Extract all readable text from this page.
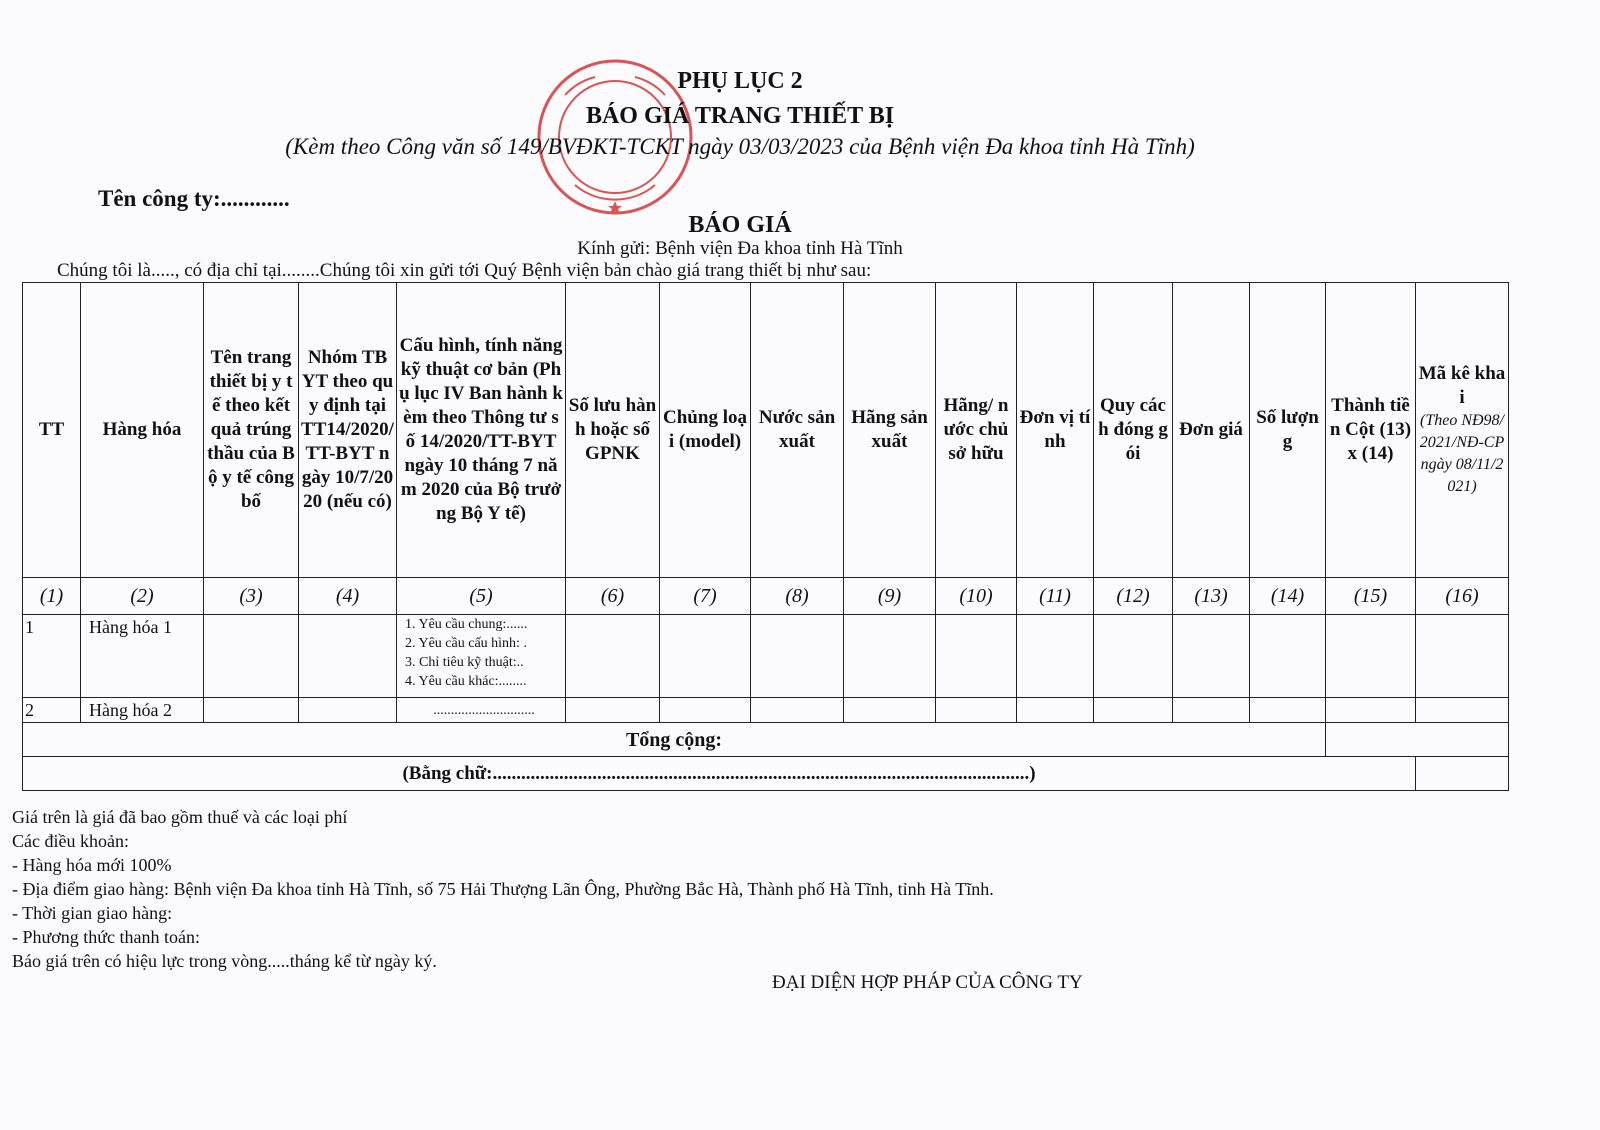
PHỤ LỤC 2
BÁO GIÁ TRANG THIẾT BỊ
(Kèm theo Công văn số 149/BVĐKT-TCKT ngày 03/03/2023 của Bệnh viện Đa khoa tỉnh Hà Tĩnh)
Tên công ty:............
BÁO GIÁ
Kính gửi: Bệnh viện Đa khoa tỉnh Hà Tĩnh
Chúng tôi là....., có địa chỉ tại........Chúng tôi xin gửi tới Quý Bệnh viện bản chào giá trang thiết bị như sau:
TT	Hàng hóa	Tên trang thiết bị y tế theo kết quả trúng thầu của Bộ y tế công bố	Nhóm TBYT theo quy định tại TT14/2020/TT-BYT ngày 10/7/2020 (nếu có)	Cấu hình, tính năng kỹ thuật cơ bản (Phụ lục IV Ban hành kèm theo Thông tư số 14/2020/TT-BYT ngày 10 tháng 7 năm 2020 của Bộ trưởng Bộ Y tế)	Số lưu hành hoặc số GPNK	Chủng loại (model)	Nước sản xuất	Hãng sản xuất	Hãng/ nước chủ sở hữu	Đơn vị tính	Quy cách đóng gói	Đơn giá	Số lượng	Thành tiền Cột (13) x (14)	Mã kê khai
(Theo NĐ98/2021/NĐ-CP ngày 08/11/2021)

(1)	(2)	(3)	(4)	(5)	(6)	(7)	(8)	(9)	(10)	(11)	(12)	(13)	(14)	(15)	(16)
1	Hàng hóa 1			1. Yêu cầu chung:......
2. Yêu cầu cấu hình: .
3. Chỉ tiêu kỹ thuật:..
4. Yêu cầu khác:........											

2	Hàng hóa 2			.............................											
Tổng cộng:															
(Bằng chữ:.................................................................................................................)															
Giá trên là giá đã bao gồm thuế và các loại phí
Các điều khoản:
- Hàng hóa mới 100%
- Địa điểm giao hàng: Bệnh viện Đa khoa tỉnh Hà Tĩnh, số 75 Hải Thượng Lãn Ông, Phường Bắc Hà, Thành phố Hà Tĩnh, tỉnh Hà Tĩnh.
- Thời gian giao hàng:
- Phương thức thanh toán:
Báo giá trên có hiệu lực trong vòng.....tháng kể từ ngày ký.
ĐẠI DIỆN HỢP PHÁP CỦA CÔNG TY
